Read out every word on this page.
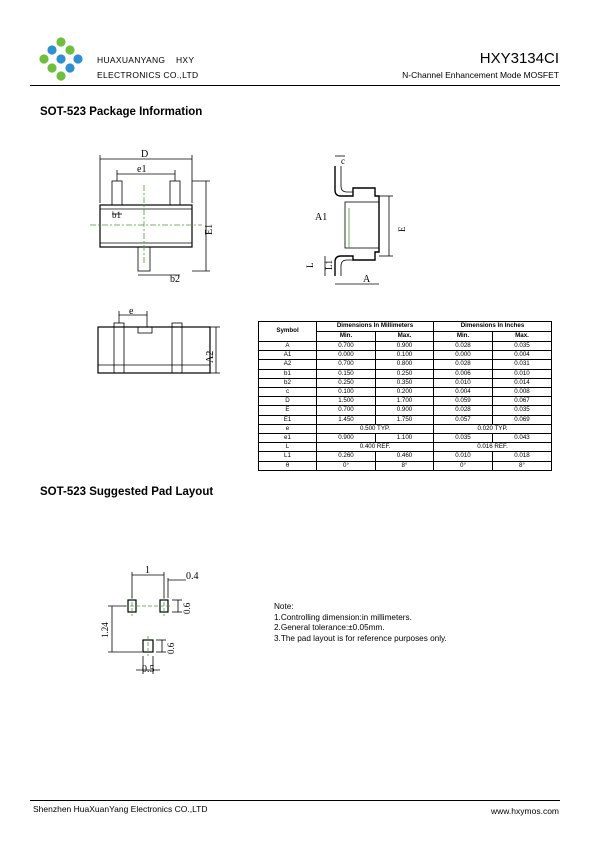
HUAXUANYANG    HXY
ELECTRONICS CO.,LTD
HXY3134CI
N-Channel Enhancement Mode MOSFET
SOT-523 Package Information
D
e1
b1
b2
E1
A1
c
E
L L1
A
e
A2
Symbol	Dimensions In Millimeters		Dimensions In Inches	
	Min.	Max.	Min.	Max.
A	0.700	0.900	0.028	0.035
A1	0.000	0.100	0.000	0.004
A2	0.700	0.800	0.028	0.031
b1	0.150	0.250	0.006	0.010
b2	0.250	0.350	0.010	0.014
c	0.100	0.200	0.004	0.008
D	1.500	1.700	0.059	0.067
E	0.700	0.900	0.028	0.035
E1	1.450	1.750	0.057	0.069
e	0.500 TYP.		0.020 TYP.	
e1	0.900	1.100	0.035	0.043
L	0.400 REF.		0.016 REF.	
L1	0.260	0.460	0.010	0.018
θ	0°	8°	0°	8°
SOT-523 Suggested Pad Layout
1
0.4
0.6
1.24
0.6
0.5
Note:
1.Controlling dimension:in millimeters.
2.General tolerance:±0.05mm.
3.The pad layout is for reference purposes only.
Shenzhen HuaXuanYang Electronics CO.,LTD	www.hxymos.com
